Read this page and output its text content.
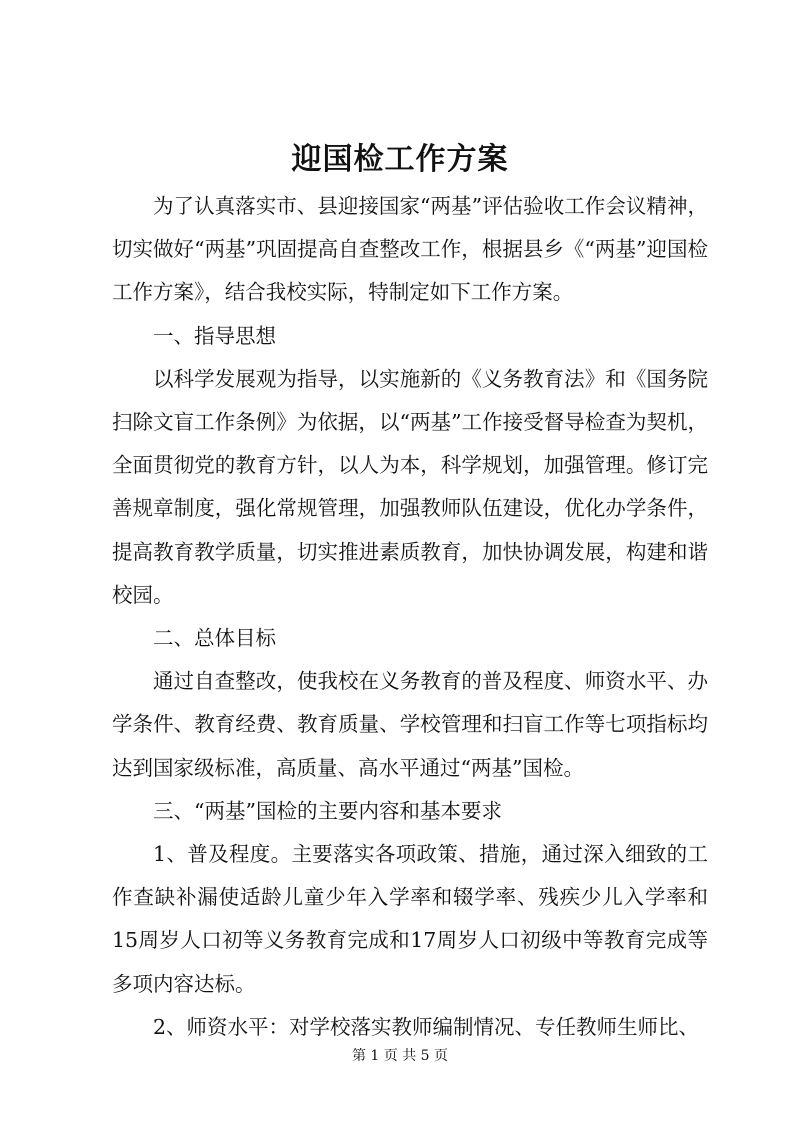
迎国检工作方案

为了认真落实市、县迎接国家“两基”评估验收工作会议精神，切实做好“两基”巩固提高自查整改工作，根据县乡《“两基”迎国检工作方案》，结合我校实际，特制定如下工作方案。

一、指导思想

以科学发展观为指导，以实施新的《义务教育法》和《国务院扫除文盲工作条例》为依据，以“两基”工作接受督导检查为契机，全面贯彻党的教育方针，以人为本，科学规划，加强管理。修订完善规章制度，强化常规管理，加强教师队伍建设，优化办学条件，提高教育教学质量，切实推进素质教育，加快协调发展，构建和谐校园。

二、总体目标

通过自查整改，使我校在义务教育的普及程度、师资水平、办学条件、教育经费、教育质量、学校管理和扫盲工作等七项指标均达到国家级标准，高质量、高水平通过“两基”国检。

三、“两基”国检的主要内容和基本要求

1、普及程度。主要落实各项政策、措施，通过深入细致的工作查缺补漏使适龄儿童少年入学率和辍学率、残疾少儿入学率和15周岁人口初等义务教育完成和17周岁人口初级中等教育完成等多项内容达标。

2、师资水平：对学校落实教师编制情况、专任教师生师比、

第 1 页 共 5 页
